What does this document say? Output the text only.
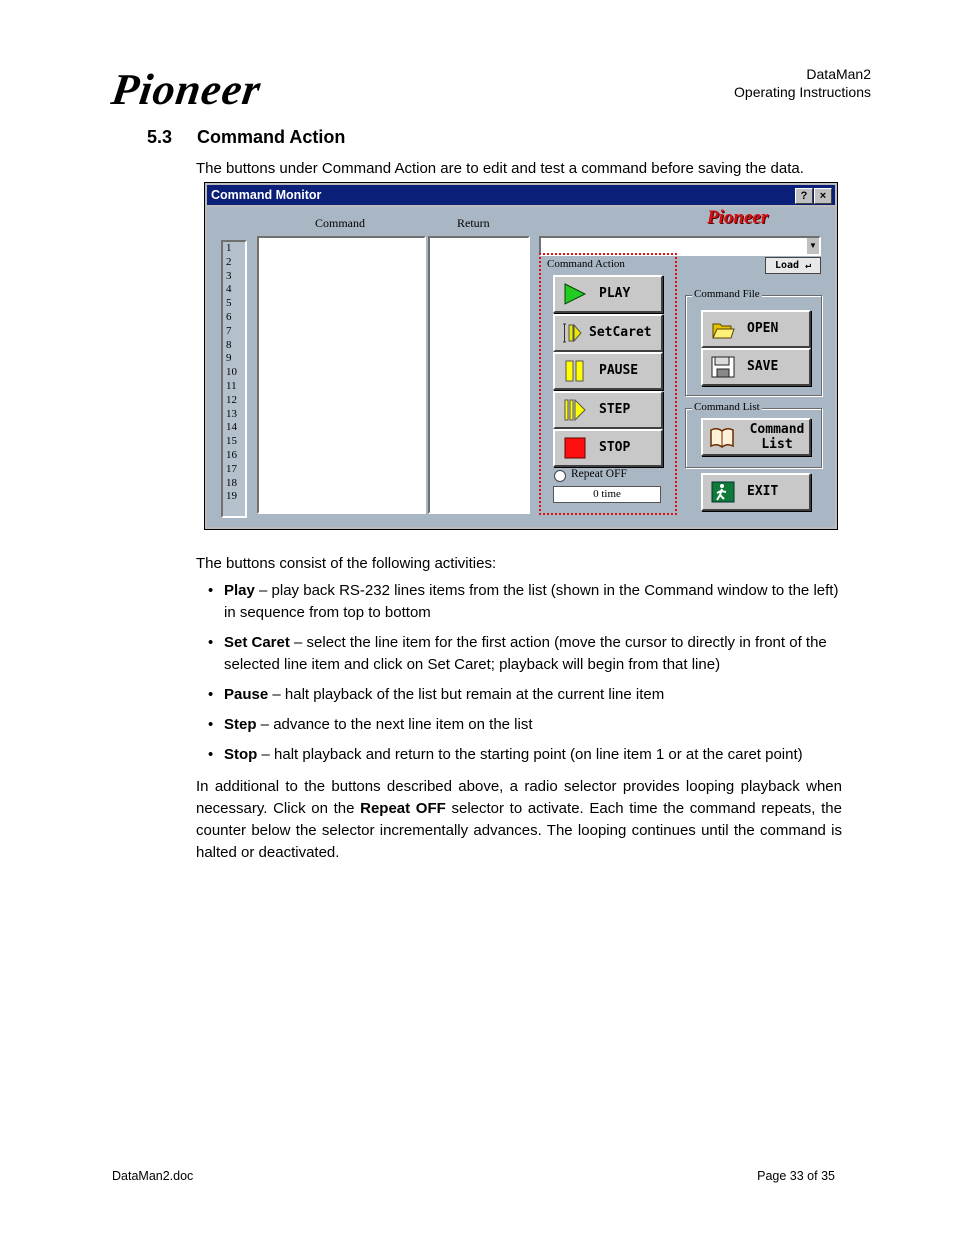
Pioneer	DataMan2
Operating Instructions
5.3 Command Action
The buttons under Command Action are to edit and test a command before saving the data.
Command Monitor	?	×
Command	Return	Pioneer
1
2
3
4
5
6
7
8
9
10
11
12
13
14
15
16
17
18
19
▼
Load ↵
Command Action
PLAY
SetCaret
PAUSE
STEP
STOP
Repeat OFF
0 time
Command File
OPEN
SAVE
Command List
Command
List
EXIT
The buttons consist of the following activities:
• Play – play back RS-232 lines items from the list (shown in the Command window to the left) in sequence from top to bottom
• Set Caret – select the line item for the first action (move the cursor to directly in front of the selected line item and click on Set Caret; playback will begin from that line)
• Pause – halt playback of the list but remain at the current line item
• Step – advance to the next line item on the list
• Stop – halt playback and return to the starting point (on line item 1 or at the caret point)
In additional to the buttons described above, a radio selector provides looping playback when necessary. Click on the Repeat OFF selector to activate. Each time the command repeats, the counter below the selector incrementally advances. The looping continues until the command is halted or deactivated.
DataMan2.doc	Page 33 of 35
